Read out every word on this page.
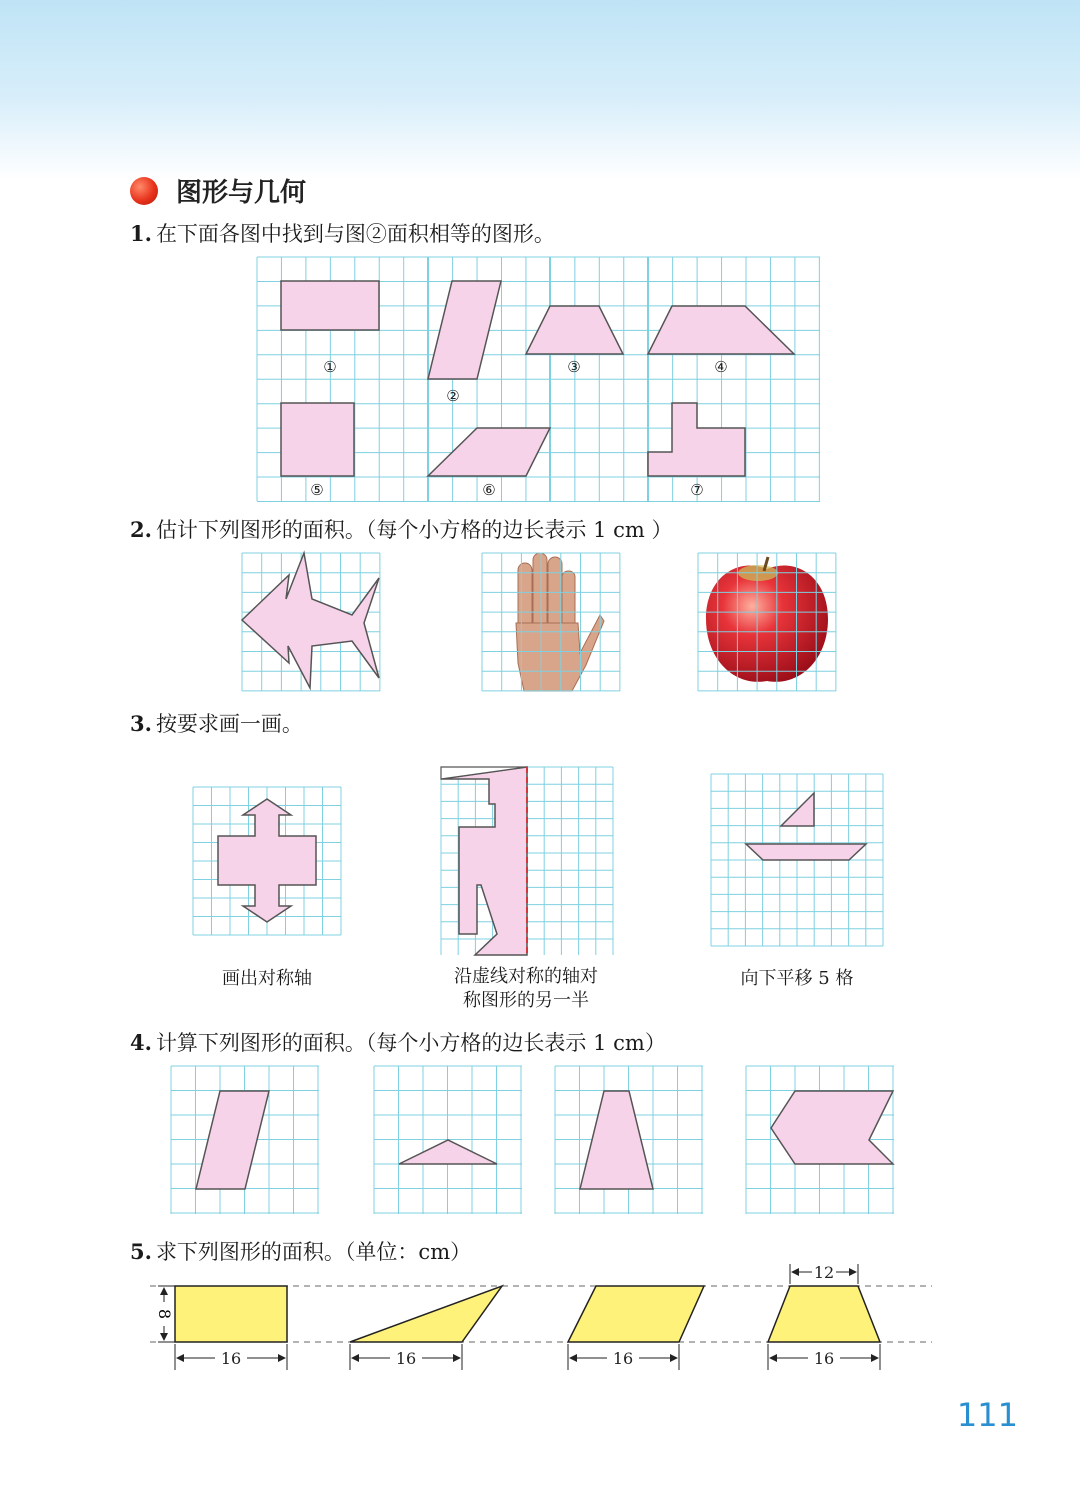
图形与几何
1. 在下面各图中找到与图②面积相等的图形。
①
②
③	④
⑤	⑥	⑦
2. 估计下列图形的面积。（每个小方格的边长表示 1 cm ）
3. 按要求画一画。
画出对称轴	沿虚线对称的轴对
称图形的另一半
向下平移 5 格
4. 计算下列图形的面积。（每个小方格的边长表示 1 cm）
5. 求下列图形的面积。（单位：cm）
8
16	16	16	16
12
111
